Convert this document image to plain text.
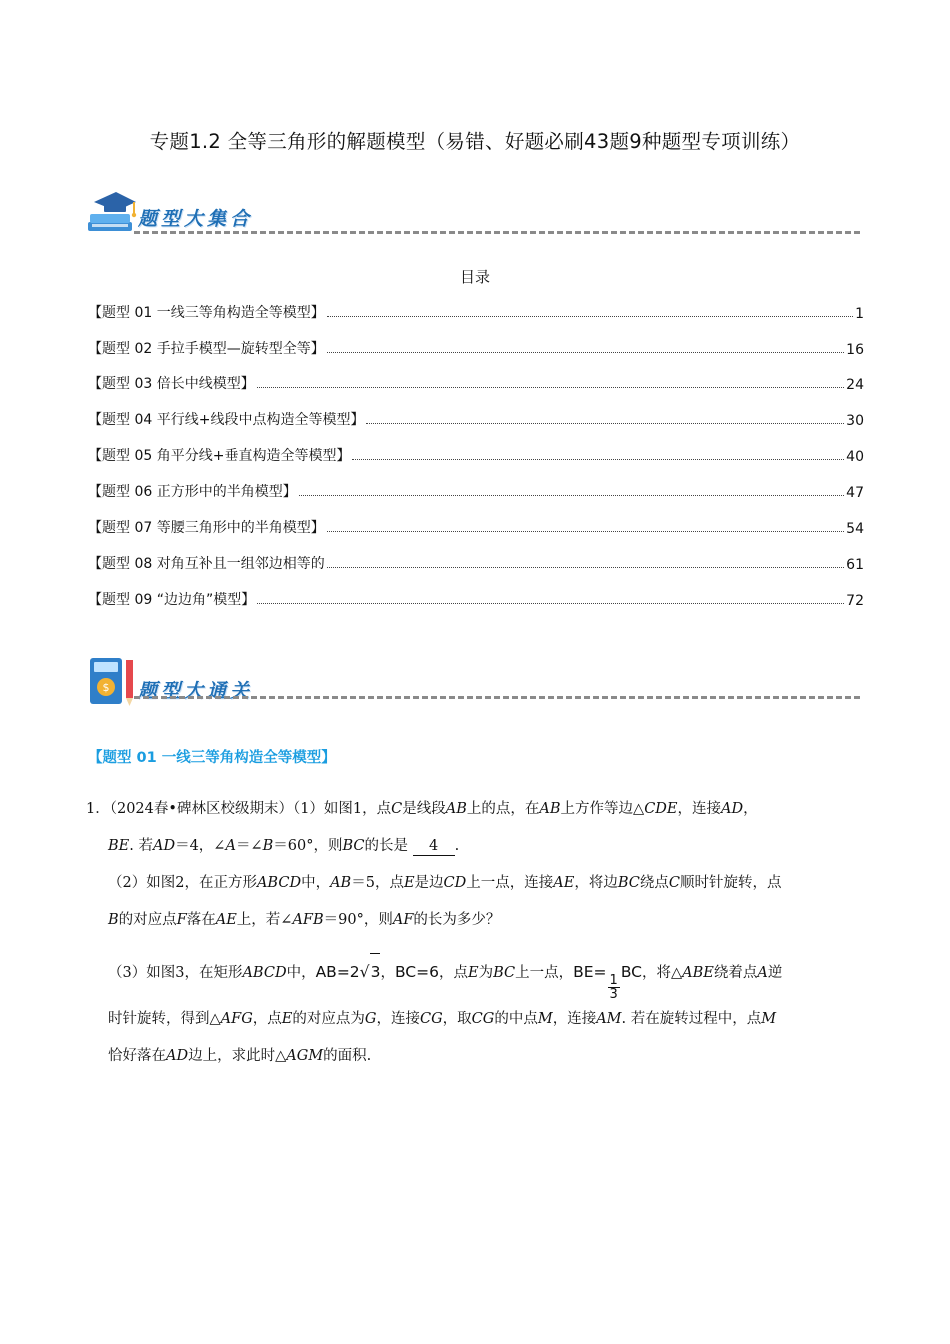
专题1.2 全等三角形的解题模型（易错、好题必刷43题9种题型专项训练）
题型大集合
目录
【题型 01 一线三等角构造全等模型】	1
【题型 02 手拉手模型—旋转型全等】	16
【题型 03 倍长中线模型】	24
【题型 04 平行线+线段中点构造全等模型】	30
【题型 05 角平分线+垂直构造全等模型】	40
【题型 06 正方形中的半角模型】	47
【题型 07 等腰三角形中的半角模型】	54
【题型 08 对角互补且一组邻边相等的	61
【题型 09 “边边角”模型】	72
$ 题型大通关
【题型 01 一线三等角构造全等模型】
1．（2024春•碑林区校级期末）（1）如图1，点C是线段AB上的点，在AB上方作等边△CDE，连接AD，
BE. 若AD＝4，∠A＝∠B＝60°，则BC的长是 4 .
（2）如图2，在正方形ABCD中，AB＝5，点E是边CD上一点，连接AE，将边BC绕点C顺时针旋转，点
B的对应点F落在AE上，若∠AFB＝90°，则AF的长为多少？
（3）如图3，在矩形ABCD中，AB=2√3，BC=6，点E为BC上一点，BE=
$\frac{1}{3}$
BC，将△ABE绕着点A逆
时针旋转，得到△AFG，点E的对应点为G，连接CG，取CG的中点M，连接AM. 若在旋转过程中，点M
恰好落在AD边上，求此时△AGM的面积.
